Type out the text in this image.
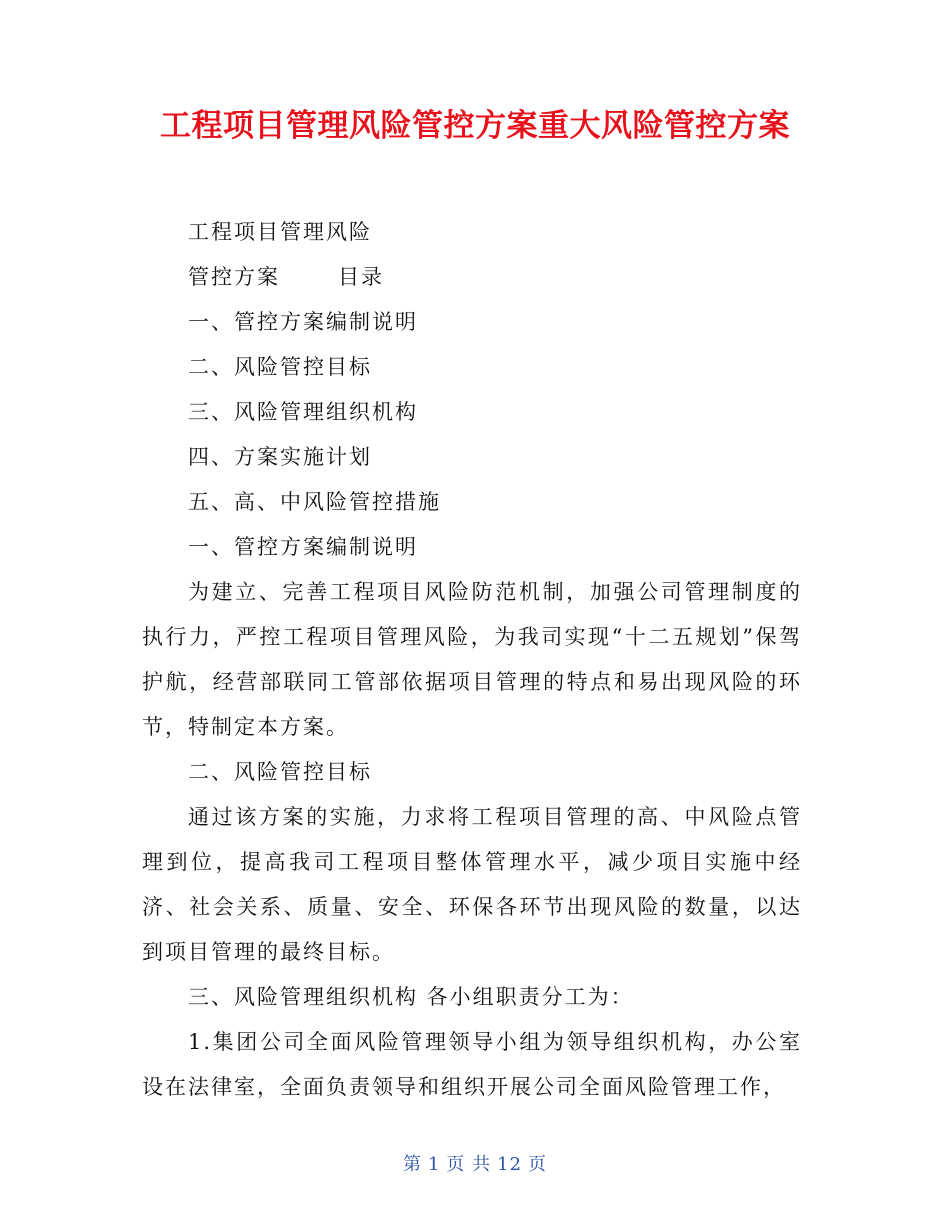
工程项目管理风险管控方案重大风险管控方案

工程项目管理风险

管控方案	目录

一、管控方案编制说明

二、风险管控目标

三、风险管理组织机构

四、方案实施计划

五、高、中风险管控措施

一、管控方案编制说明

为建立、完善工程项目风险防范机制，加强公司管理制度的执行力，严控工程项目管理风险，为我司实现“十二五规划”保驾护航，经营部联同工管部依据项目管理的特点和易出现风险的环节，特制定本方案。

二、风险管控目标

通过该方案的实施，力求将工程项目管理的高、中风险点管理到位，提高我司工程项目整体管理水平，减少项目实施中经济、社会关系、质量、安全、环保各环节出现风险的数量，以达到项目管理的最终目标。

三、风险管理组织机构 各小组职责分工为：

1.集团公司全面风险管理领导小组为领导组织机构，办公室设在法律室，全面负责领导和组织开展公司全面风险管理工作，

第 1 页 共 12 页
